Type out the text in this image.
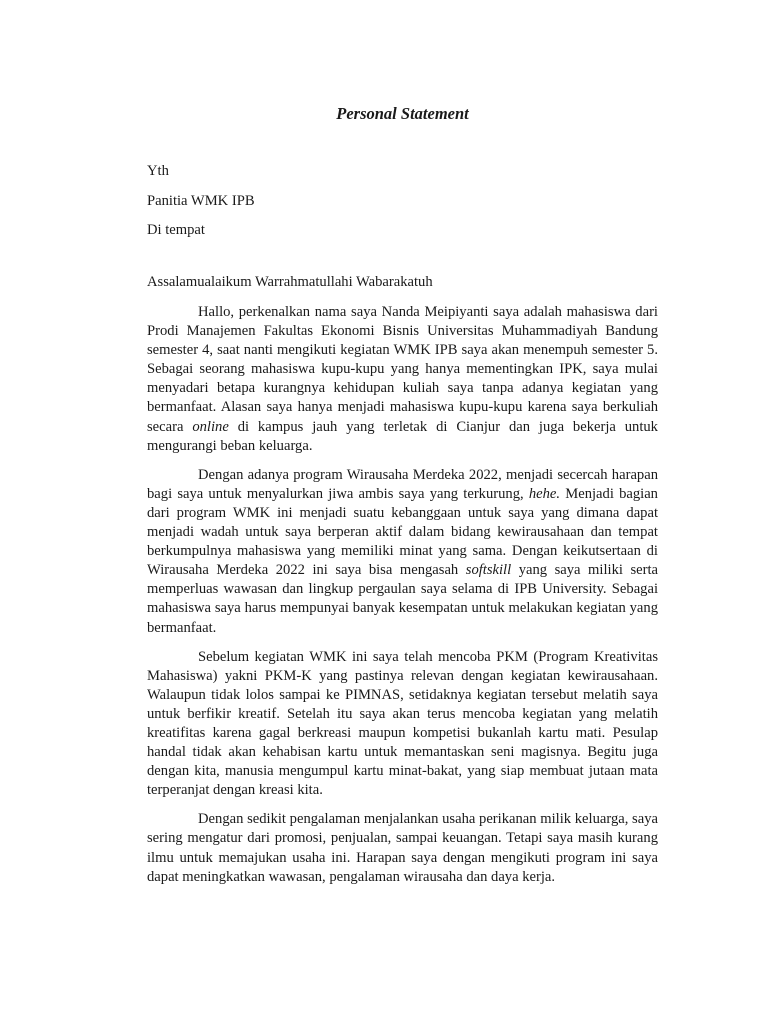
Personal Statement
Yth
Panitia WMK IPB
Di tempat
Assalamualaikum Warrahmatullahi Wabarakatuh

Hallo, perkenalkan nama saya Nanda Meipiyanti saya adalah mahasiswa dari Prodi Manajemen Fakultas Ekonomi Bisnis Universitas Muhammadiyah Bandung semester 4, saat nanti mengikuti kegiatan WMK IPB saya akan menempuh semester 5. Sebagai seorang mahasiswa kupu-kupu yang hanya mementingkan IPK, saya mulai menyadari betapa kurangnya kehidupan kuliah saya tanpa adanya kegiatan yang bermanfaat. Alasan saya hanya menjadi mahasiswa kupu-kupu karena saya berkuliah secara online di kampus jauh yang terletak di Cianjur dan juga bekerja untuk mengurangi beban keluarga.

Dengan adanya program Wirausaha Merdeka 2022, menjadi secercah harapan bagi saya untuk menyalurkan jiwa ambis saya yang terkurung, hehe. Menjadi bagian dari program WMK ini menjadi suatu kebanggaan untuk saya yang dimana dapat menjadi wadah untuk saya berperan aktif dalam bidang kewirausahaan dan tempat berkumpulnya mahasiswa yang memiliki minat yang sama. Dengan keikutsertaan di Wirausaha Merdeka 2022 ini saya bisa mengasah softskill yang saya miliki serta memperluas wawasan dan lingkup pergaulan saya selama di IPB University. Sebagai mahasiswa saya harus mempunyai banyak kesempatan untuk melakukan kegiatan yang bermanfaat.

Sebelum kegiatan WMK ini saya telah mencoba PKM (Program Kreativitas Mahasiswa) yakni PKM-K yang pastinya relevan dengan kegiatan kewirausahaan. Walaupun tidak lolos sampai ke PIMNAS, setidaknya kegiatan tersebut melatih saya untuk berfikir kreatif. Setelah itu saya akan terus mencoba kegiatan yang melatih kreatifitas karena gagal berkreasi maupun kompetisi bukanlah kartu mati. Pesulap handal tidak akan kehabisan kartu untuk memantaskan seni magisnya. Begitu juga dengan kita, manusia mengumpul kartu minat-bakat, yang siap membuat jutaan mata terperanjat dengan kreasi kita.

Dengan sedikit pengalaman menjalankan usaha perikanan milik keluarga, saya sering mengatur dari promosi, penjualan, sampai keuangan. Tetapi saya masih kurang ilmu untuk memajukan usaha ini. Harapan saya dengan mengikuti program ini saya dapat meningkatkan wawasan, pengalaman wirausaha dan daya kerja.
